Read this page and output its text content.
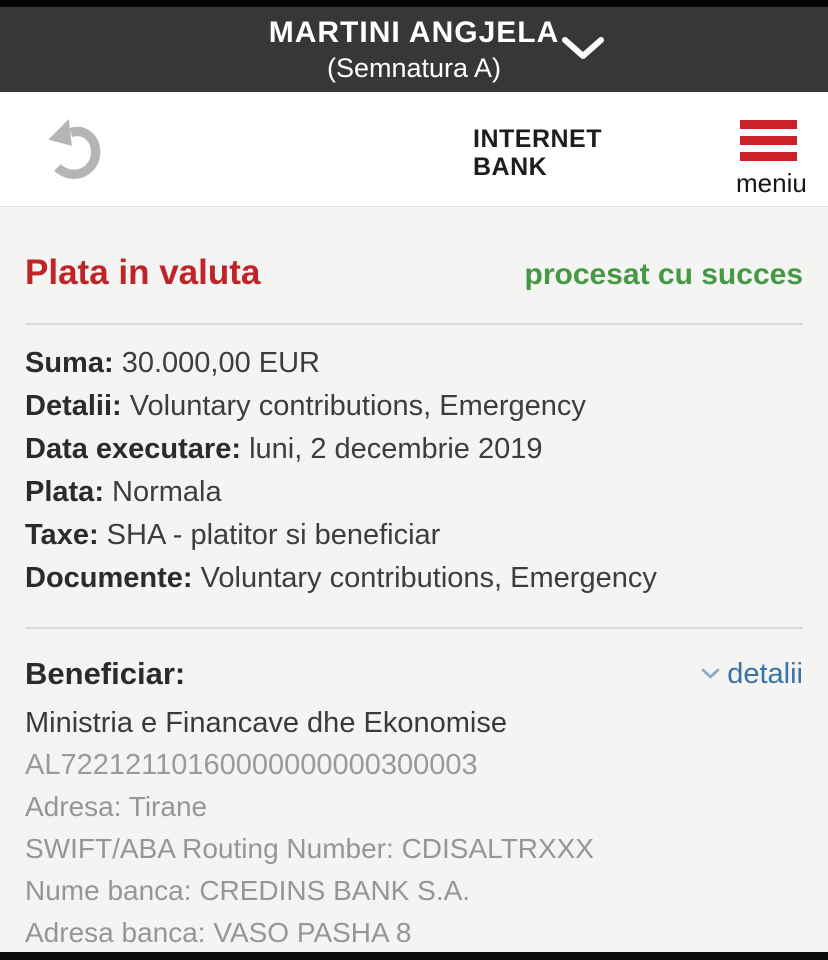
MARTINI ANGJELA
(Semnatura A)
INTERNET
BANK
meniu
Plata in valuta	procesat cu succes
Suma: 30.000,00 EUR
Detalii: Voluntary contributions, Emergency
Data executare: luni, 2 decembrie 2019
Plata: Normala
Taxe: SHA - platitor si beneficiar
Documente: Voluntary contributions, Emergency
Beneficiar:	detalii
Ministria e Financave dhe Ekonomise
AL72212110160000000000300003
Adresa: Tirane
SWIFT/ABA Routing Number: CDISALTRXXX
Nume banca: CREDINS BANK S.A.
Adresa banca: VASO PASHA 8
